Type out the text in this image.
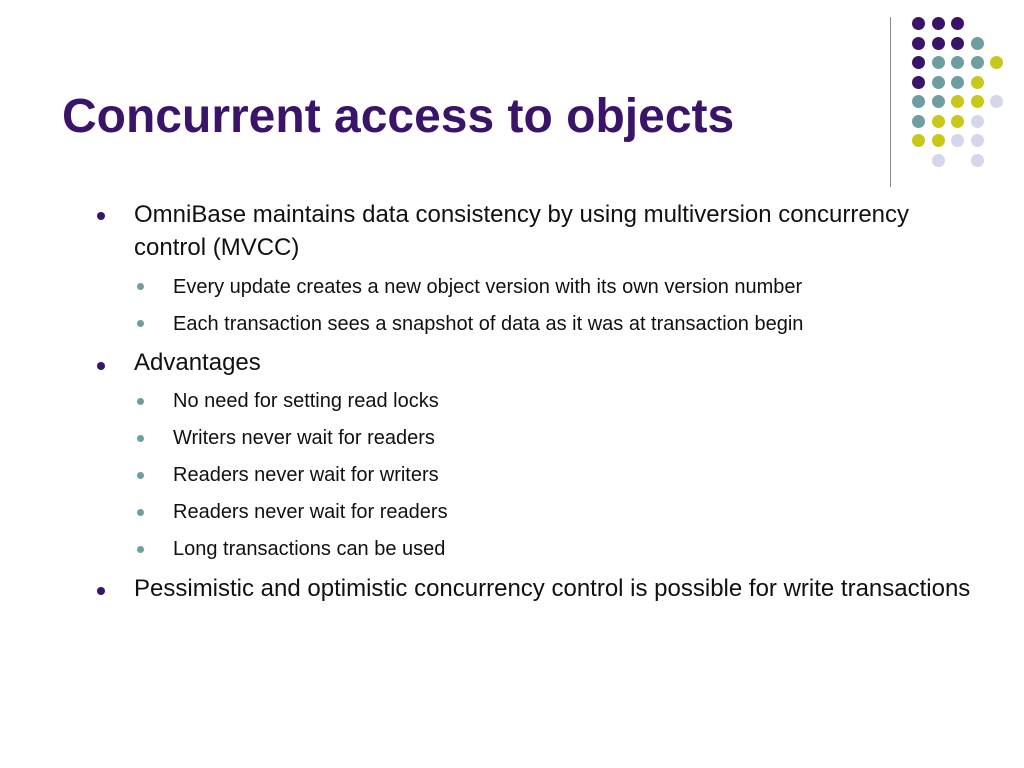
Concurrent access to objects
OmniBase maintains data consistency by using multiversion concurrency control (MVCC)
Every update creates a new object version with its own version number
Each transaction sees a snapshot of data as it was at transaction begin
Advantages
No need for setting read locks
Writers never wait for readers
Readers never wait for writers
Readers never wait for readers
Long transactions can be used
Pessimistic and optimistic concurrency control is possible for write transactions
